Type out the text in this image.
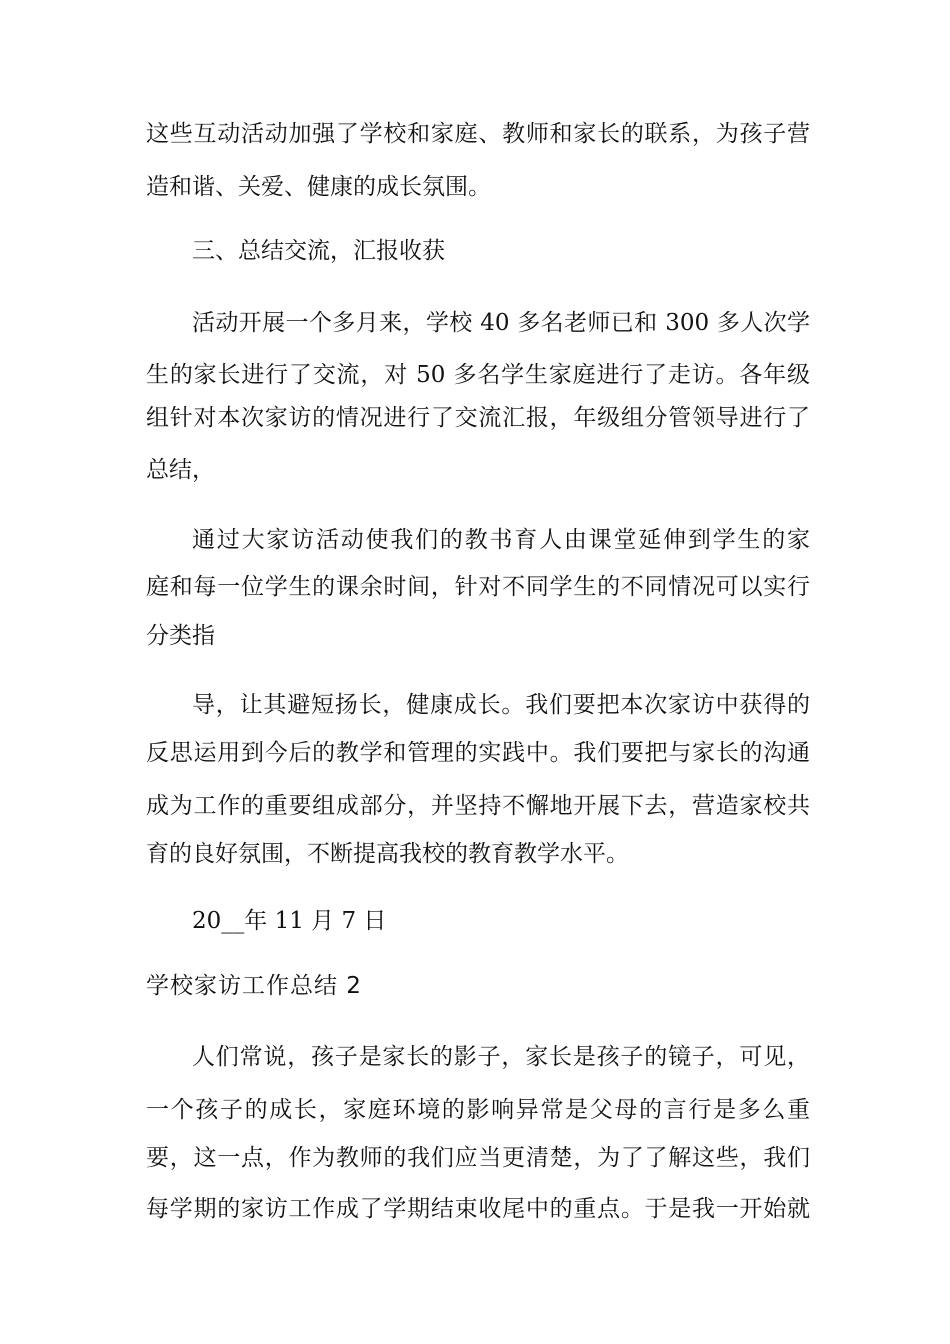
这些互动活动加强了学校和家庭、教师和家长的联系，为孩子营
造和谐、关爱、健康的成长氛围。
三、总结交流，汇报收获
活动开展一个多月来，学校 40 多名老师已和 300 多人次学
生的家长进行了交流，对 50 多名学生家庭进行了走访。各年级
组针对本次家访的情况进行了交流汇报，年级组分管领导进行了
总结，
通过大家访活动使我们的教书育人由课堂延伸到学生的家
庭和每一位学生的课余时间，针对不同学生的不同情况可以实行
分类指
导，让其避短扬长，健康成长。我们要把本次家访中获得的
反思运用到今后的教学和管理的实践中。我们要把与家长的沟通
成为工作的重要组成部分，并坚持不懈地开展下去，营造家校共
育的良好氛围，不断提高我校的教育教学水平。
20__年 11 月 7 日
学校家访工作总结 2
人们常说，孩子是家长的影子，家长是孩子的镜子，可见，
一个孩子的成长，家庭环境的影响异常是父母的言行是多么重
要，这一点，作为教师的我们应当更清楚，为了了解这些，我们
每学期的家访工作成了学期结束收尾中的重点。于是我一开始就
